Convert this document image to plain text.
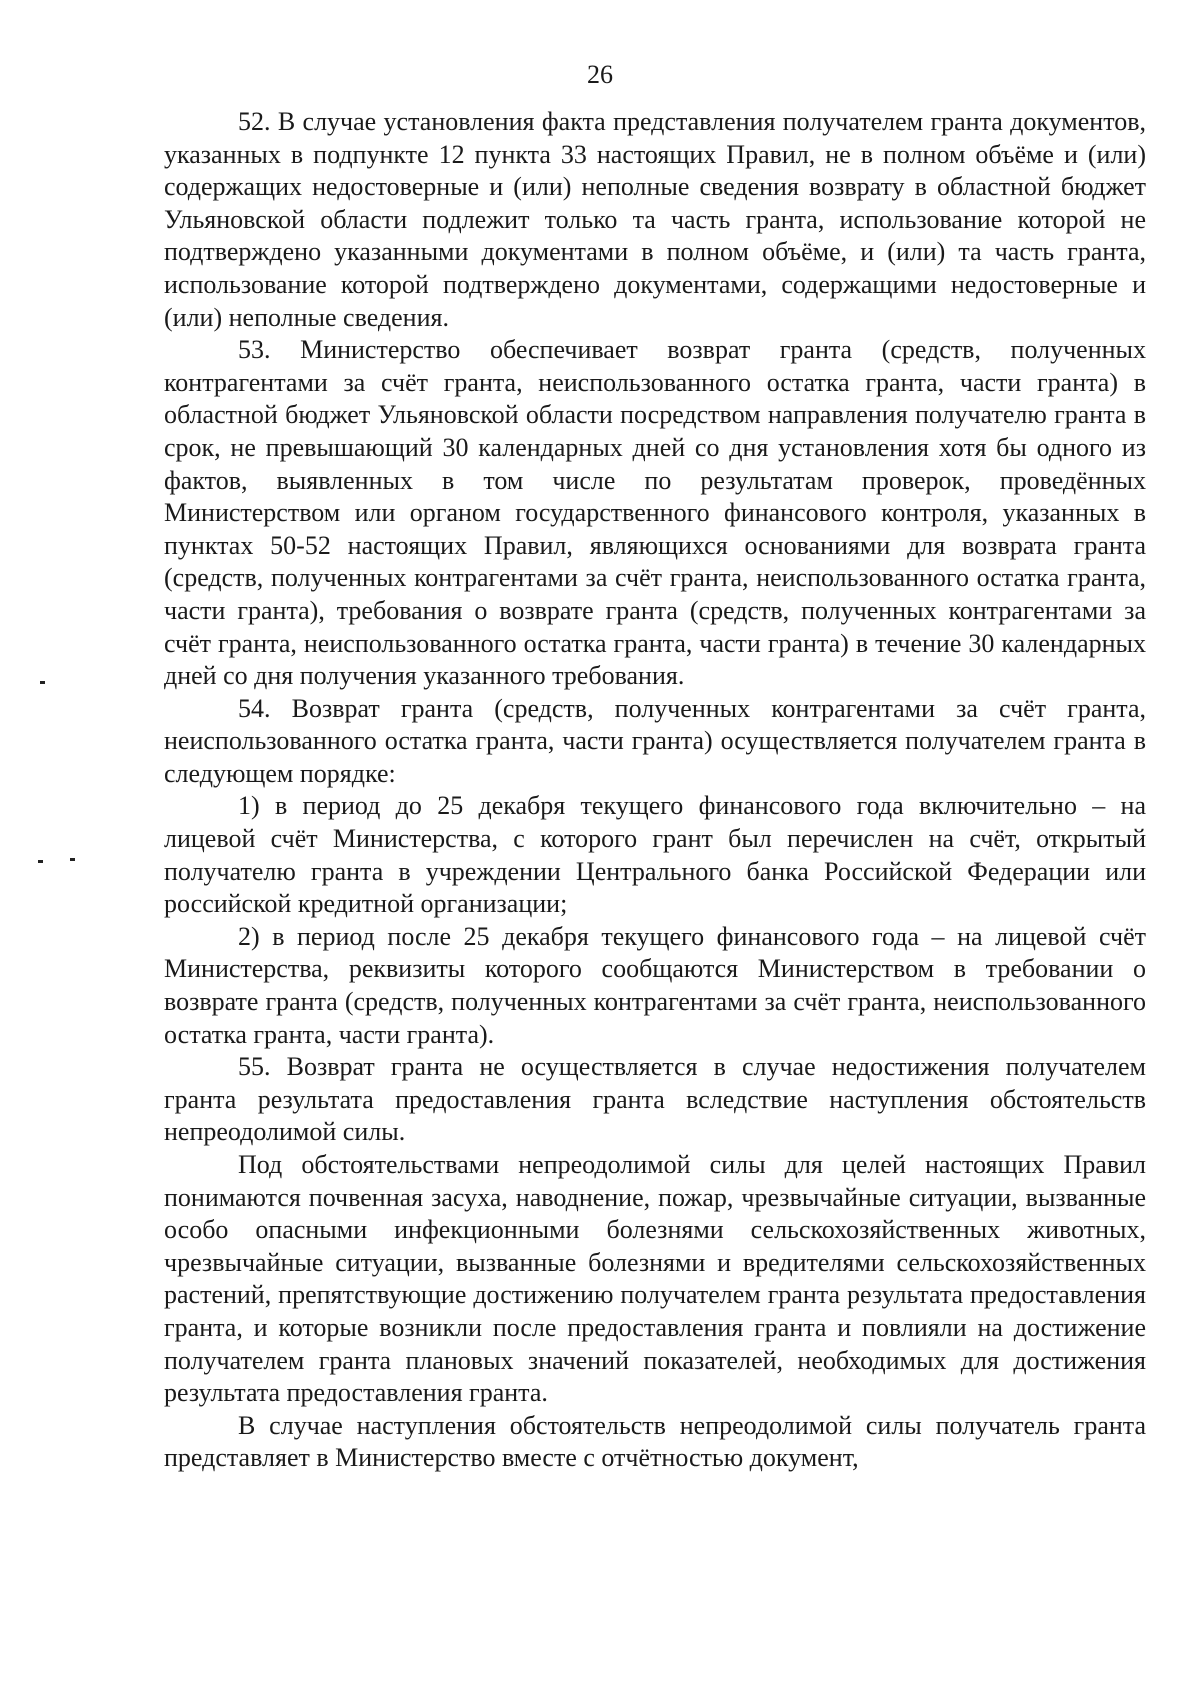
26

52. В случае установления факта представления получателем гранта документов, указанных в подпункте 12 пункта 33 настоящих Правил, не в полном объёме и (или) содержащих недостоверные и (или) неполные сведения возврату в областной бюджет Ульяновской области подлежит только та часть гранта, использование которой не подтверждено указанными документами в полном объёме, и (или) та часть гранта, использование которой подтверждено документами, содержащими недостоверные и (или) неполные сведения.

53. Министерство обеспечивает возврат гранта (средств, полученных контрагентами за счёт гранта, неиспользованного остатка гранта, части гранта) в областной бюджет Ульяновской области посредством направления получателю гранта в срок, не превышающий 30 календарных дней со дня установления хотя бы одного из фактов, выявленных в том числе по результатам проверок, проведённых Министерством или органом государственного финансового контроля, указанных в пунктах 50-52 настоящих Правил, являющихся основаниями для возврата гранта (средств, полученных контрагентами за счёт гранта, неиспользованного остатка гранта, части гранта), требования о возврате гранта (средств, полученных контрагентами за счёт гранта, неиспользованного остатка гранта, части гранта) в течение 30 календарных дней со дня получения указанного требования.

54. Возврат гранта (средств, полученных контрагентами за счёт гранта, неиспользованного остатка гранта, части гранта) осуществляется получателем гранта в следующем порядке:

1) в период до 25 декабря текущего финансового года включительно – на лицевой счёт Министерства, с которого грант был перечислен на счёт, открытый получателю гранта в учреждении Центрального банка Российской Федерации или российской кредитной организации;

2) в период после 25 декабря текущего финансового года – на лицевой счёт Министерства, реквизиты которого сообщаются Министерством в требовании о возврате гранта (средств, полученных контрагентами за счёт гранта, неиспользованного остатка гранта, части гранта).

55. Возврат гранта не осуществляется в случае недостижения получателем гранта результата предоставления гранта вследствие наступления обстоятельств непреодолимой силы.

Под обстоятельствами непреодолимой силы для целей настоящих Правил понимаются почвенная засуха, наводнение, пожар, чрезвычайные ситуации, вызванные особо опасными инфекционными болезнями сельскохозяйственных животных, чрезвычайные ситуации, вызванные болезнями и вредителями сельскохозяйственных растений, препятствующие достижению получателем гранта результата предоставления гранта, и которые возникли после предоставления гранта и повлияли на достижение получателем гранта плановых значений показателей, необходимых для достижения результата предоставления гранта.

В случае наступления обстоятельств непреодолимой силы получатель гранта представляет в Министерство вместе с отчётностью документ,
